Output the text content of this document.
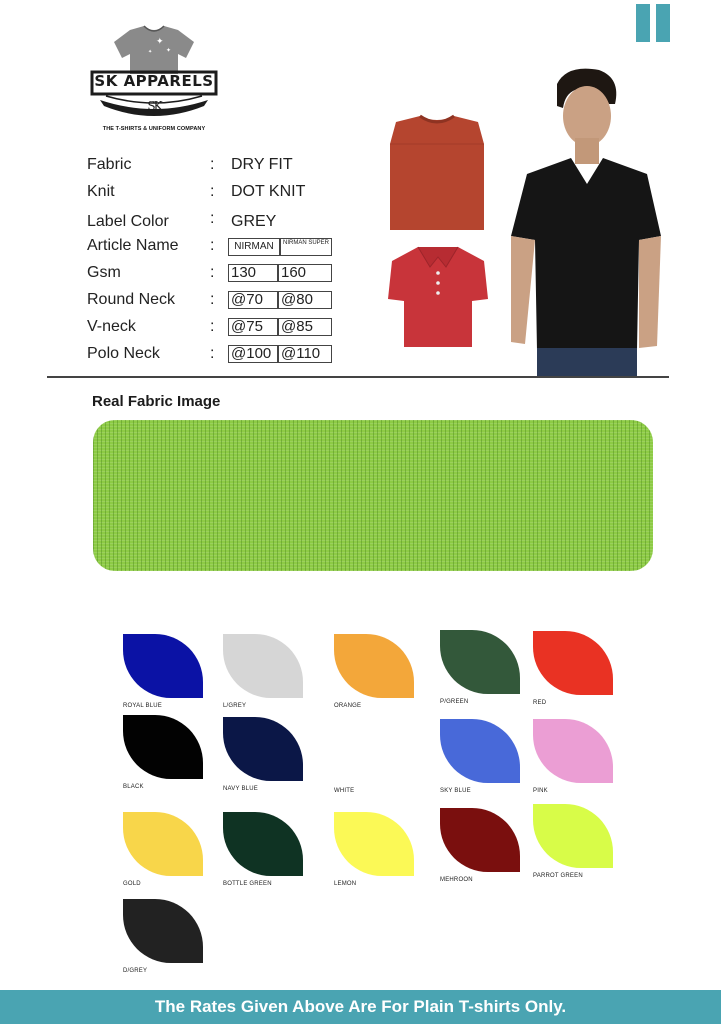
✦
✦
✦
SK APPARELS
SK
THE T-SHIRTS & UNIFORM COMPANY
Fabric	: DRY FIT
Knit	: DOT KNIT
Label Color	: GREY
Article Name :	NIRMAN	NIRMAN SUPER
Gsm	: 130	160
Round Neck : @70	@80
V-neck	: @75	@85
Polo Neck	: @100 @110
Real Fabric Image
The Rates Given Above Are For Plain T-shirts Only.
ROYAL BLUE	L/GREY	ORANGE
P/GREEN	RED
BLACK	NAVY BLUE	WHITE	SKY BLUE	PINK
GOLD	BOTTLE GREEN	LEMON
MEHROON
PARROT GREEN
D/GREY
